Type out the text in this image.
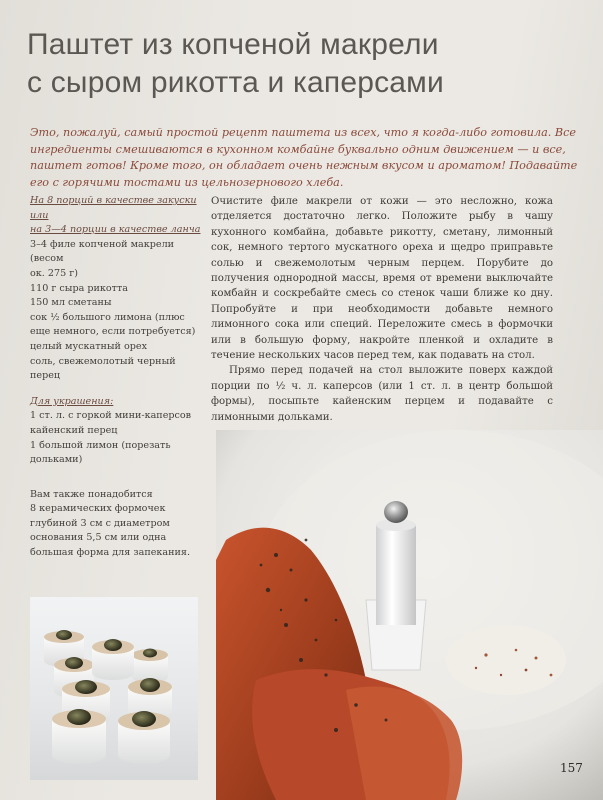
Паштет из копченой макрели
с сыром рикотта и каперсами
Это, пожалуй, самый простой рецепт паштета из всех, что я когда-либо готовила. Все ингредиенты смешиваются в кухонном комбайне буквально одним движением — и все, паштет готов! Кроме того, он обладает очень нежным вкусом и ароматом! Подавайте его с горячими тостами из цельнозернового хлеба.

На 8 порций в качестве закуски или

на 3—4 порции в качестве ланча

3–4 филе копченой макрели (весом

ок. 275 г)

110 г сыра рикотта

150 мл сметаны

сок ½ большого лимона (плюс

еще немного, если потребуется)

целый мускатный орех

соль, свежемолотый черный перец

Для украшения:

1 ст. л. с горкой мини-каперсов

кайенский перец

1 большой лимон (порезать

дольками)

Вам также понадобится

8 керамических формочек

глубиной 3 см с диаметром

основания 5,5 см или одна

большая форма для запекания.

Очистите филе макрели от кожи — это несложно, кожа отделяется достаточно легко. Положите рыбу в чашу кухонного комбайна, добавьте рикотту, сметану, лимонный сок, немного тертого мускатного ореха и щедро приправьте солью и свежемолотым черным перцем. Порубите до получения однородной массы, время от времени выключайте комбайн и соскребайте смесь со стенок чаши ближе ко дну. Попробуйте и при необходимости добавьте немного лимонного сока или специй. Переложите смесь в формочки или в большую форму, накройте пленкой и охладите в течение нескольких часов перед тем, как подавать на стол.

Прямо перед подачей на стол выложите поверх каждой порции по ½ ч. л. каперсов (или 1 ст. л. в центр большой формы), посыпьте кайенским перцем и подавайте с лимонными дольками.

157
